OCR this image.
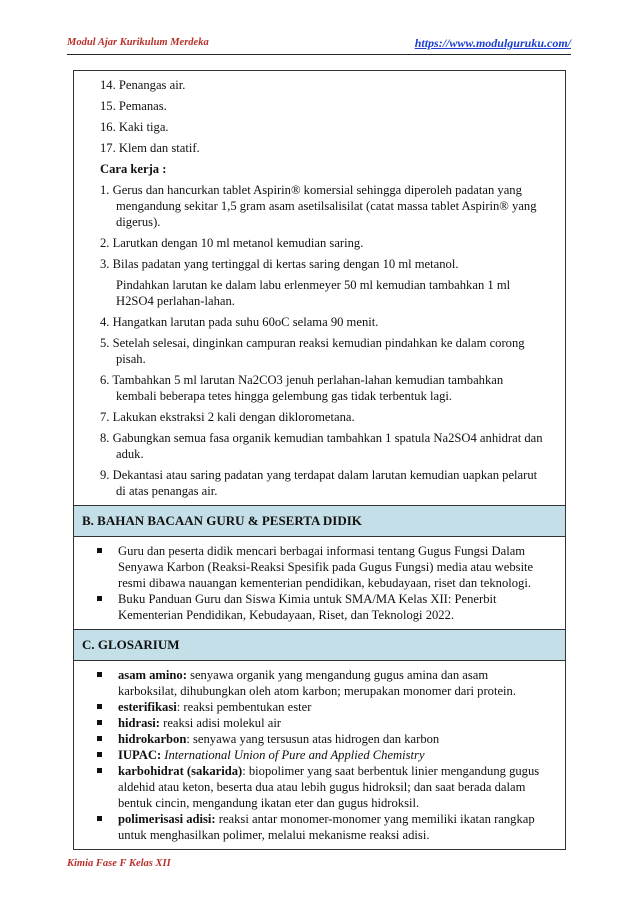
Modul Ajar Kurikulum Merdeka	https://www.modulguruku.com/
14. Penangas air.
15. Pemanas.
16. Kaki tiga.
17. Klem dan statif.
Cara kerja :
1. Gerus dan hancurkan tablet Aspirin® komersial sehingga diperoleh padatan yang mengandung sekitar 1,5 gram asam asetilsalisilat (catat massa tablet Aspirin® yang digerus).
2. Larutkan dengan 10 ml metanol kemudian saring.
3. Bilas padatan yang tertinggal di kertas saring dengan 10 ml metanol.
Pindahkan larutan ke dalam labu erlenmeyer 50 ml kemudian tambahkan 1 ml H2SO4 perlahan-lahan.
4. Hangatkan larutan pada suhu 60oC selama 90 menit.
5. Setelah selesai, dinginkan campuran reaksi kemudian pindahkan ke dalam corong pisah.
6. Tambahkan 5 ml larutan Na2CO3 jenuh perlahan-lahan kemudian tambahkan kembali beberapa tetes hingga gelembung gas tidak terbentuk lagi.
7. Lakukan ekstraksi 2 kali dengan diklorometana.
8. Gabungkan semua fasa organik kemudian tambahkan 1 spatula Na2SO4 anhidrat dan aduk.
9. Dekantasi atau saring padatan yang terdapat dalam larutan kemudian uapkan pelarut di atas penangas air.
B. BAHAN BACAAN GURU & PESERTA DIDIK
Guru dan peserta didik mencari berbagai informasi tentang Gugus Fungsi Dalam Senyawa Karbon (Reaksi-Reaksi Spesifik pada Gugus Fungsi) media atau website resmi dibawa nauangan kementerian pendidikan, kebudayaan, riset dan teknologi.
Buku Panduan Guru dan Siswa Kimia untuk SMA/MA Kelas XII: Penerbit Kementerian Pendidikan, Kebudayaan, Riset, dan Teknologi 2022.
C. GLOSARIUM
asam amino: senyawa organik yang mengandung gugus amina dan asam karboksilat, dihubungkan oleh atom karbon; merupakan monomer dari protein.
esterifikasi: reaksi pembentukan ester
hidrasi: reaksi adisi molekul air
hidrokarbon: senyawa yang tersusun atas hidrogen dan karbon
IUPAC: International Union of Pure and Applied Chemistry
karbohidrat (sakarida): biopolimer yang saat berbentuk linier mengandung gugus aldehid atau keton, beserta dua atau lebih gugus hidroksil; dan saat berada dalam bentuk cincin, mengandung ikatan eter dan gugus hidroksil.
polimerisasi adisi: reaksi antar monomer-monomer yang memiliki ikatan rangkap untuk menghasilkan polimer, melalui mekanisme reaksi adisi.
Kimia Fase F Kelas XII
